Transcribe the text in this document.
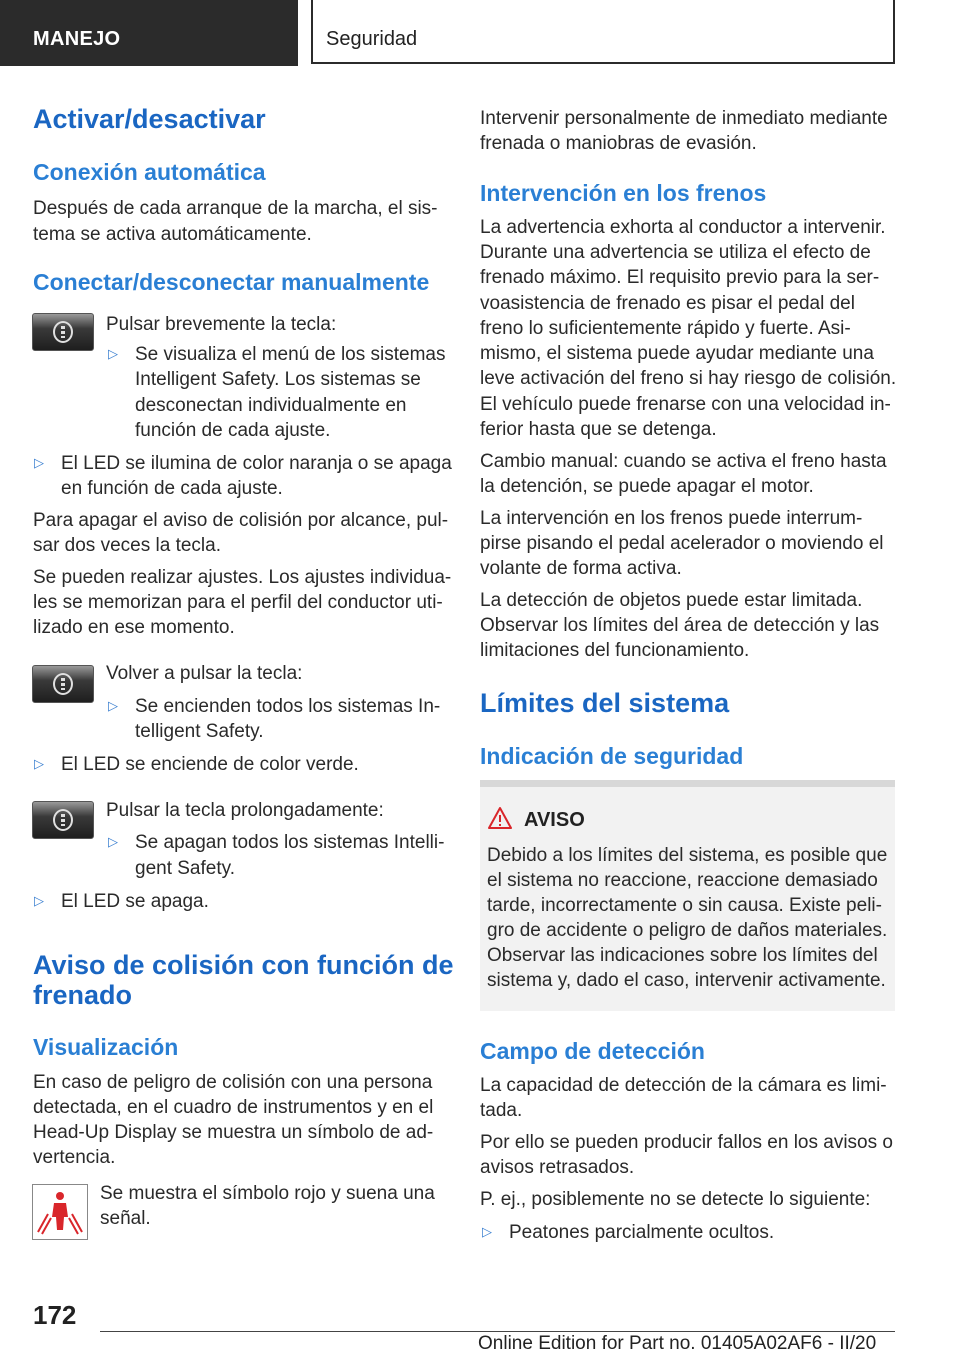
MANEJO	Seguridad
Activar/desactivar
Conexión automática
Después de cada arranque de la marcha, el sis-
tema se activa automáticamente.
Conectar/desconectar manualmente
Pulsar brevemente la tecla:
▷ Se visualiza el menú de los sistemas
Intelligent Safety. Los sistemas se
desconectan individualmente en
función de cada ajuste.
▷ El LED se ilumina de color naranja o se apaga
en función de cada ajuste.
Para apagar el aviso de colisión por alcance, pul-
sar dos veces la tecla.
Se pueden realizar ajustes. Los ajustes individua-
les se memorizan para el perfil del conductor uti-
lizado en ese momento.
Volver a pulsar la tecla:
▷ Se encienden todos los sistemas In-
telligent Safety.
▷ El LED se enciende de color verde.
Pulsar la tecla prolongadamente:
▷ Se apagan todos los sistemas Intelli-
gent Safety.
▷ El LED se apaga.
Aviso de colisión con función de
frenado
Visualización
En caso de peligro de colisión con una persona
detectada, en el cuadro de instrumentos y en el
Head-Up Display se muestra un símbolo de ad-
vertencia.
Se muestra el símbolo rojo y suena una
señal.
Intervenir personalmente de inmediato mediante
frenada o maniobras de evasión.
Intervención en los frenos
La advertencia exhorta al conductor a intervenir.
Durante una advertencia se utiliza el efecto de
frenado máximo. El requisito previo para la ser-
voasistencia de frenado es pisar el pedal del
freno lo suficientemente rápido y fuerte. Asi-
mismo, el sistema puede ayudar mediante una
leve activación del freno si hay riesgo de colisión.
El vehículo puede frenarse con una velocidad in-
ferior hasta que se detenga.
Cambio manual: cuando se activa el freno hasta
la detención, se puede apagar el motor.
La intervención en los frenos puede interrum-
pirse pisando el pedal acelerador o moviendo el
volante de forma activa.
La detección de objetos puede estar limitada.
Observar los límites del área de detección y las
limitaciones del funcionamiento.
Límites del sistema
Indicación de seguridad
AVISO
Debido a los límites del sistema, es posible que
el sistema no reaccione, reaccione demasiado
tarde, incorrectamente o sin causa. Existe peli-
gro de accidente o peligro de daños materiales.
Observar las indicaciones sobre los límites del
sistema y, dado el caso, intervenir activamente.
Campo de detección
La capacidad de detección de la cámara es limi-
tada.
Por ello se pueden producir fallos en los avisos o
avisos retrasados.
P. ej., posiblemente no se detecte lo siguiente:
▷ Peatones parcialmente ocultos.
172
Online Edition for Part no. 01405A02AF6 - II/20
